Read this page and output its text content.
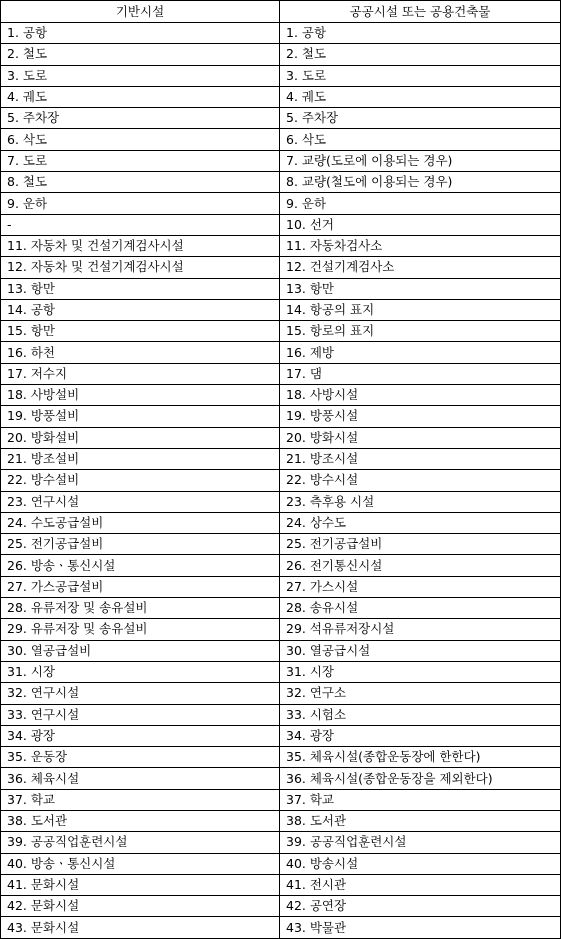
기반시설	공공시설 또는 공용건축물
1. 공항	1. 공항
2. 철도	2. 철도
3. 도로	3. 도로
4. 궤도	4. 궤도
5. 주차장	5. 주차장
6. 삭도	6. 삭도
7. 도로	7. 교량(도로에 이용되는 경우)
8. 철도	8. 교량(철도에 이용되는 경우)
9. 운하	9. 운하
-	10. 선거
11. 자동차 및 건설기계검사시설	11. 자동차검사소
12. 자동차 및 건설기계검사시설	12. 건설기계검사소
13. 항만	13. 항만
14. 공항	14. 항공의 표지
15. 항만	15. 항로의 표지
16. 하천	16. 제방
17. 저수지	17. 댐
18. 사방설비	18. 사방시설
19. 방풍설비	19. 방풍시설
20. 방화설비	20. 방화시설
21. 방조설비	21. 방조시설
22. 방수설비	22. 방수시설
23. 연구시설	23. 측후용 시설
24. 수도공급설비	24. 상수도
25. 전기공급설비	25. 전기공급설비
26. 방송ㆍ통신시설	26. 전기통신시설
27. 가스공급설비	27. 가스시설
28. 유류저장 및 송유설비	28. 송유시설
29. 유류저장 및 송유설비	29. 석유류저장시설
30. 열공급설비	30. 열공급시설
31. 시장	31. 시장
32. 연구시설	32. 연구소
33. 연구시설	33. 시험소
34. 광장	34. 광장
35. 운동장	35. 체육시설(종합운동장에 한한다)
36. 체육시설	36. 체육시설(종합운동장을 제외한다)
37. 학교	37. 학교
38. 도서관	38. 도서관
39. 공공직업훈련시설	39. 공공직업훈련시설
40. 방송ㆍ통신시설	40. 방송시설
41. 문화시설	41. 전시관
42. 문화시설	42. 공연장
43. 문화시설	43. 박물관
